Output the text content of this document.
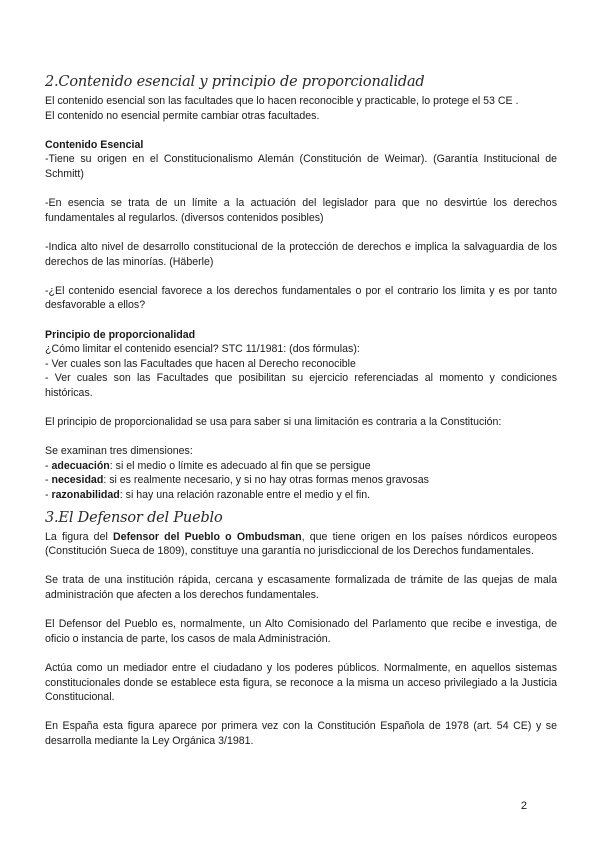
2.Contenido esencial y principio de proporcionalidad

El contenido esencial son las facultades que lo hacen reconocible y practicable, lo protege el 53 CE .

El contenido no esencial permite cambiar otras facultades.

Contenido Esencial

-Tiene su origen en el Constitucionalismo Alemán (Constitución de Weimar). (Garantía Institucional de Schmitt)

-En esencia se trata de un límite a la actuación del legislador para que no desvirtúe los derechos fundamentales al regularlos. (diversos contenidos posibles)

-Indica alto nivel de desarrollo constitucional de la protección de derechos e implica la salvaguardia de los derechos de las minorías. (Häberle)

-¿El contenido esencial favorece a los derechos fundamentales o por el contrario los limita y es por tanto desfavorable a ellos?

Principio de proporcionalidad

¿Cómo limitar el contenido esencial? STC 11/1981: (dos fórmulas):

- Ver cuales son las Facultades que hacen al Derecho reconocible

- Ver cuales son las Facultades que posibilitan su ejercicio referenciadas al momento y condiciones históricas.

El principio de proporcionalidad se usa para saber si una limitación es contraria a la Constitución:

Se examinan tres dimensiones:

- adecuación: si el medio o límite es adecuado al fin que se persigue

- necesidad: si es realmente necesario, y si no hay otras formas menos gravosas

- razonabilidad: si hay una relación razonable entre el medio y el fin.

3.El Defensor del Pueblo

La figura del Defensor del Pueblo o Ombudsman, que tiene origen en los países nórdicos europeos (Constitución Sueca de 1809), constituye una garantía no jurisdiccional de los Derechos fundamentales.

Se trata de una institución rápida, cercana y escasamente formalizada de trámite de las quejas de mala administración que afecten a los derechos fundamentales.

El Defensor del Pueblo es, normalmente, un Alto Comisionado del Parlamento que recibe e investiga, de oficio o instancia de parte, los casos de mala Administración.

Actúa como un mediador entre el ciudadano y los poderes públicos. Normalmente, en aquellos sistemas constitucionales donde se establece esta figura, se reconoce a la misma un acceso privilegiado a la Justicia Constitucional.

En España esta figura aparece por primera vez con la Constitución Española de 1978 (art. 54 CE) y se desarrolla mediante la Ley Orgánica 3/1981.

2
